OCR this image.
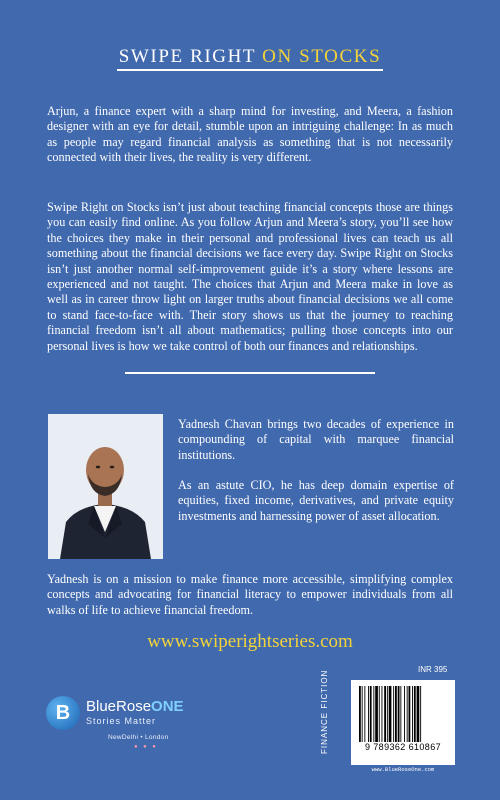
SWIPE RIGHT ON STOCKS

Arjun, a finance expert with a sharp mind for investing, and Meera, a fashion designer with an eye for detail, stumble upon an intriguing challenge: In as much as people may regard financial analysis as something that is not necessarily connected with their lives, the reality is very different.

Swipe Right on Stocks isn’t just about teaching financial concepts those are things you can easily find online. As you follow Arjun and Meera’s story, you’ll see how the choices they make in their personal and professional lives can teach us all something about the financial decisions we face every day. Swipe Right on Stocks isn’t just another normal self-improvement guide it’s a story where lessons are experienced and not taught. The choices that Arjun and Meera make in love as well as in career throw light on larger truths about financial decisions we all come to stand face-to-face with. Their story shows us that the journey to reaching financial freedom isn’t all about mathematics; pulling those concepts into our personal lives is how we take control of both our finances and relationships.

Yadnesh Chavan brings two decades of experience in compounding of capital with marquee financial institutions.

As an astute CIO, he has deep domain expertise of equities, fixed income, derivatives, and private equity investments and harnessing power of asset allocation.

Yadnesh is on a mission to make finance more accessible, simplifying complex concepts and advocating for financial literacy to empower individuals from all walks of life to achieve financial freedom.

www.swiperightseries.com
B	BlueRoseONE
Stories Matter
NewDelhi • London
● ● ●	FINANCE FICTION
INR 395
9 789362 610867
www.BlueRoseOne.com
